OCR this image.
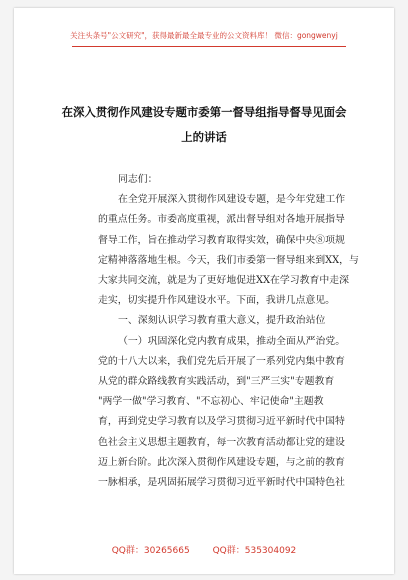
关注头条号"公文研究"，获得最新最全最专业的公文资料库！ 微信：gongwenyj
在深入贯彻作风建设专题市委第一督导组指导督导见面会
上的讲话
同志们：
在全党开展深入贯彻作风建设专题，是今年党建工作
的重点任务。市委高度重视，派出督导组对各地开展指导
督导工作，旨在推动学习教育取得实效，确保中央⑧项规
定精神落落地生根。今天，我们市委第一督导组来到XX，与
大家共同交流，就是为了更好地促进XX在学习教育中走深
走实，切实提升作风建设水平。下面，我讲几点意见。
一、深刻认识学习教育重大意义，提升政治站位
（一）巩固深化党内教育成果，推动全面从严治党。
党的十八大以来，我们党先后开展了一系列党内集中教育
从党的群众路线教育实践活动，到"三严三实"专题教育
"两学一做"学习教育、"不忘初心、牢记使命"主题教
育，再到党史学习教育以及学习贯彻习近平新时代中国特
色社会主义思想主题教育，每一次教育活动都让党的建设
迈上新台阶。此次深入贯彻作风建设专题，与之前的教育
一脉相承，是巩固拓展学习贯彻习近平新时代中国特色社
QQ群：30265665	QQ群：535304092
